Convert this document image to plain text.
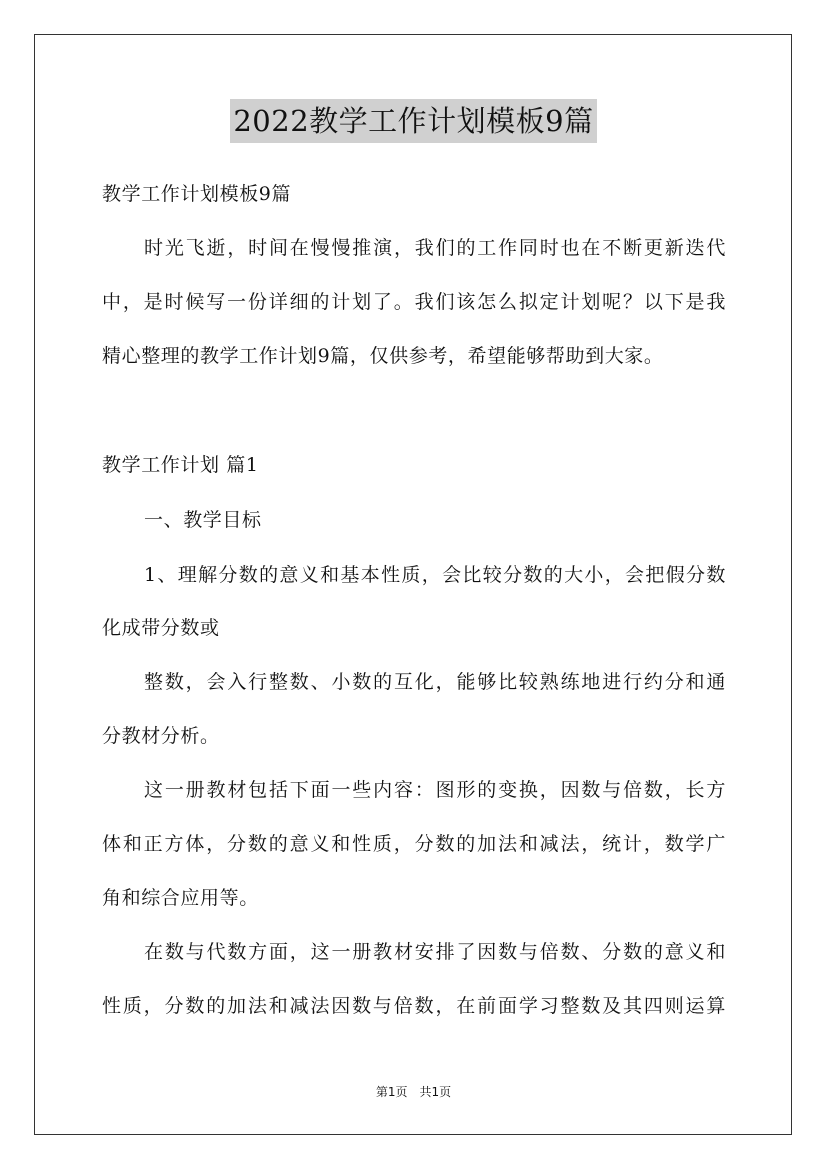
2022教学工作计划模板9篇
教学工作计划模板9篇
时光飞逝，时间在慢慢推演，我们的工作同时也在不断更新迭代
中，是时候写一份详细的计划了。我们该怎么拟定计划呢？以下是我
精心整理的教学工作计划9篇，仅供参考，希望能够帮助到大家。
教学工作计划 篇1
一、教学目标
1、理解分数的意义和基本性质，会比较分数的大小，会把假分数
化成带分数或
整数，会入行整数、小数的互化，能够比较熟练地进行约分和通
分教材分析。
这一册教材包括下面一些内容：图形的变换，因数与倍数，长方
体和正方体，分数的意义和性质，分数的加法和减法，统计，数学广
角和综合应用等。
在数与代数方面，这一册教材安排了因数与倍数、分数的意义和
性质，分数的加法和减法因数与倍数，在前面学习整数及其四则运算
第1页　共1页
